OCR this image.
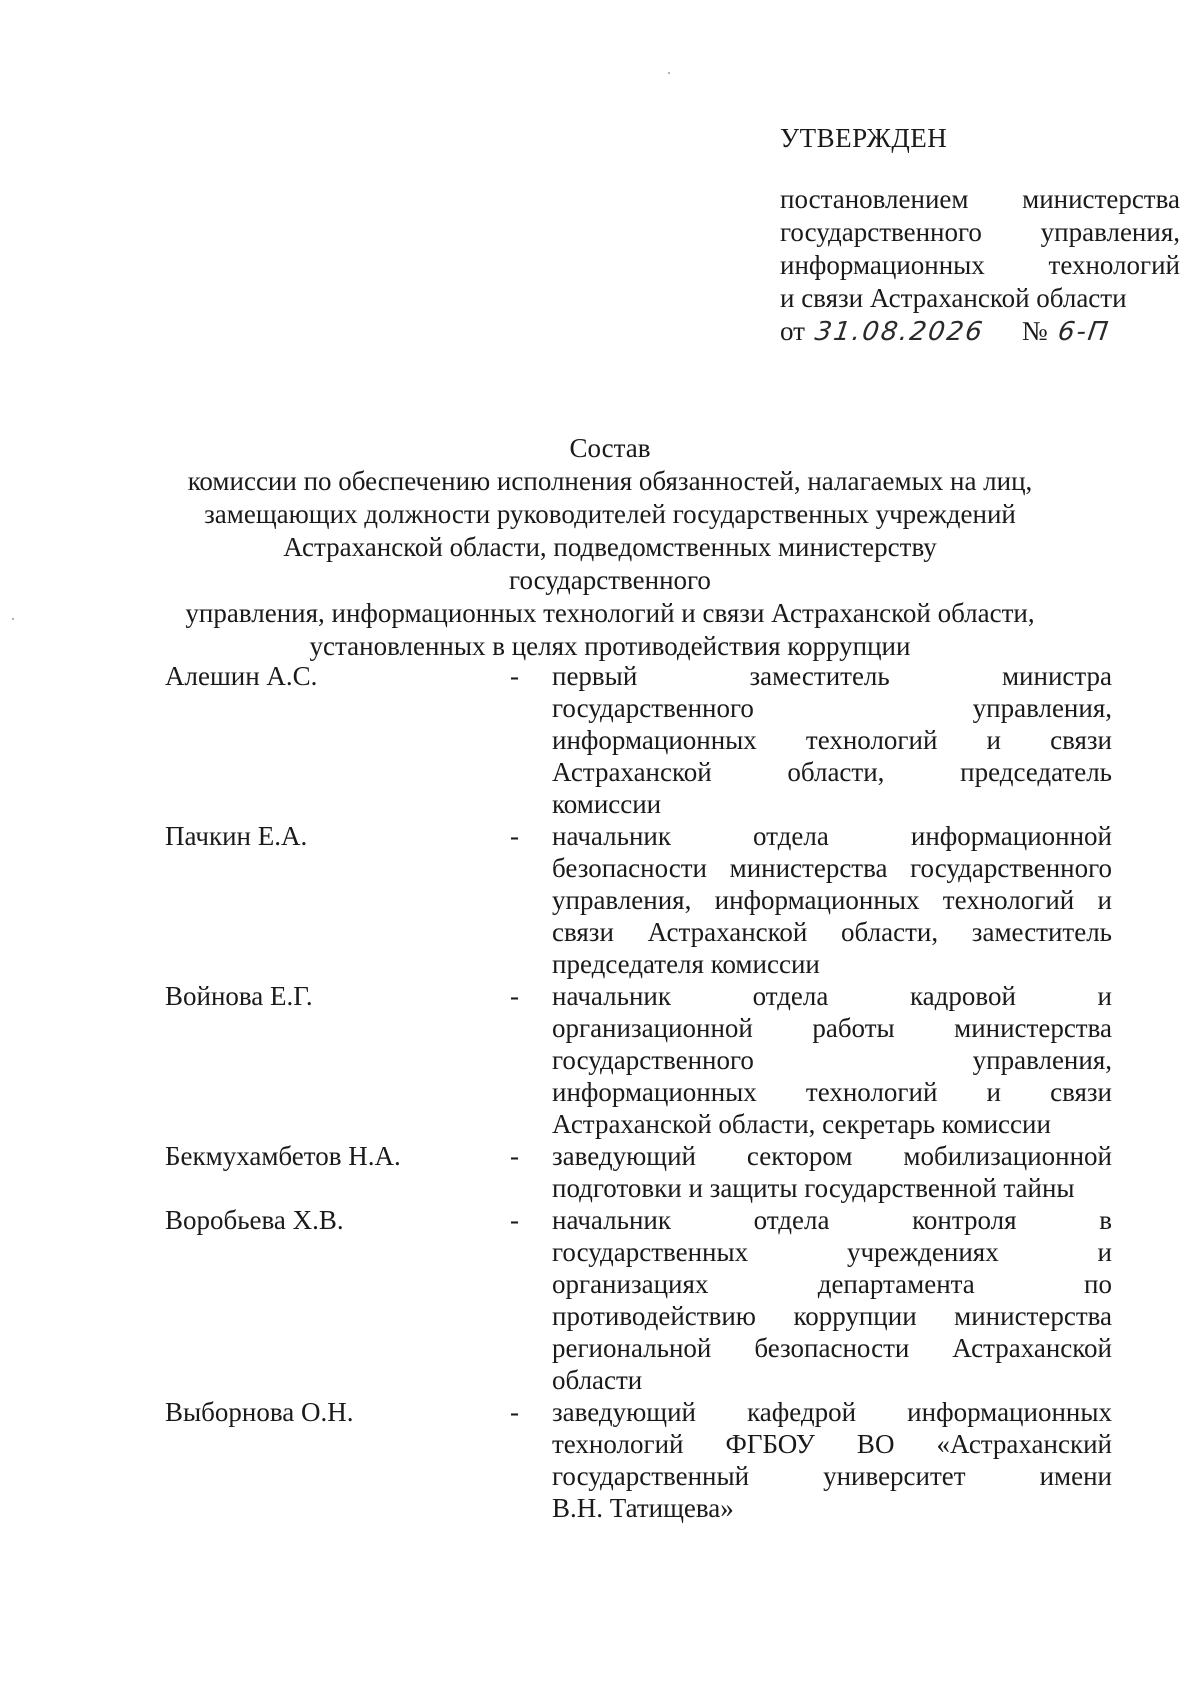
УТВЕРЖДЕН
постановлением министерства
государственного управления,
информационных технологий
и связи Астраханской области
от 31.08.2026 № 6-П
Состав
комиссии по обеспечению исполнения обязанностей, налагаемых на лиц,
замещающих должности руководителей государственных учреждений
Астраханской области, подведомственных министерству государственного
управления, информационных технологий и связи Астраханской области,
установленных в целях противодействия коррупции
Алешин А.С.	-	первый заместитель министра
государственного управления,
информационных технологий и связи
Астраханской области, председатель
комиссии
Пачкин Е.А.	-	начальник отдела информационной
безопасности министерства государственного
управления, информационных технологий и
связи Астраханской области, заместитель
председателя комиссии
Войнова Е.Г.	-	начальник отдела кадровой и
организационной работы министерства
государственного управления,
информационных технологий и связи
Астраханской области, секретарь комиссии
Бекмухамбетов Н.А.	-	заведующий сектором мобилизационной
подготовки и защиты государственной тайны
Воробьева Х.В.	-	начальник отдела контроля в
государственных учреждениях и
организациях департамента по
противодействию коррупции министерства
региональной безопасности Астраханской
области
Выборнова О.Н.	-	заведующий кафедрой информационных
технологий ФГБОУ ВО «Астраханский
государственный университет имени
В.Н. Татищева»
